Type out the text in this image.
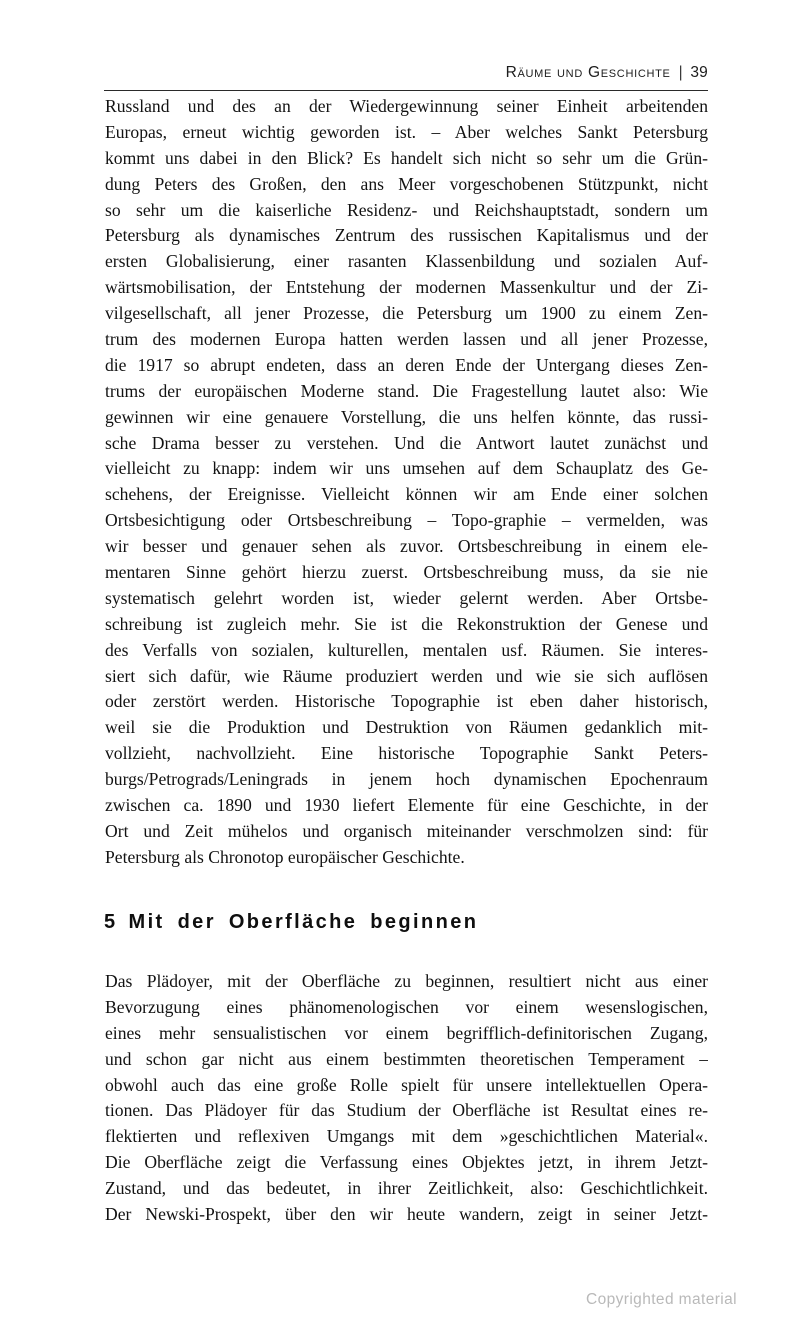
Räume und Geschichte | 39
Russland und des an der Wiedergewinnung seiner Einheit arbeitenden
Europas, erneut wichtig geworden ist. – Aber welches Sankt Petersburg
kommt uns dabei in den Blick? Es handelt sich nicht so sehr um die Grün-
dung Peters des Großen, den ans Meer vorgeschobenen Stützpunkt, nicht
so sehr um die kaiserliche Residenz- und Reichshauptstadt, sondern um
Petersburg als dynamisches Zentrum des russischen Kapitalismus und der
ersten Globalisierung, einer rasanten Klassenbildung und sozialen Auf-
wärtsmobilisation, der Entstehung der modernen Massenkultur und der Zi-
vilgesellschaft, all jener Prozesse, die Petersburg um 1900 zu einem Zen-
trum des modernen Europa hatten werden lassen und all jener Prozesse,
die 1917 so abrupt endeten, dass an deren Ende der Untergang dieses Zen-
trums der europäischen Moderne stand. Die Fragestellung lautet also: Wie
gewinnen wir eine genauere Vorstellung, die uns helfen könnte, das russi-
sche Drama besser zu verstehen. Und die Antwort lautet zunächst und
vielleicht zu knapp: indem wir uns umsehen auf dem Schauplatz des Ge-
schehens, der Ereignisse. Vielleicht können wir am Ende einer solchen
Ortsbesichtigung oder Ortsbeschreibung – Topo-graphie – vermelden, was
wir besser und genauer sehen als zuvor. Ortsbeschreibung in einem ele-
mentaren Sinne gehört hierzu zuerst. Ortsbeschreibung muss, da sie nie
systematisch gelehrt worden ist, wieder gelernt werden. Aber Ortsbe-
schreibung ist zugleich mehr. Sie ist die Rekonstruktion der Genese und
des Verfalls von sozialen, kulturellen, mentalen usf. Räumen. Sie interes-
siert sich dafür, wie Räume produziert werden und wie sie sich auflösen
oder zerstört werden. Historische Topographie ist eben daher historisch,
weil sie die Produktion und Destruktion von Räumen gedanklich mit-
vollzieht, nachvollzieht. Eine historische Topographie Sankt Peters-
burgs/Petrograds/Leningrads in jenem hoch dynamischen Epochenraum
zwischen ca. 1890 und 1930 liefert Elemente für eine Geschichte, in der
Ort und Zeit mühelos und organisch miteinander verschmolzen sind: für
Petersburg als Chronotop europäischer Geschichte.
5 Mit der Oberfläche beginnen
Das Plädoyer, mit der Oberfläche zu beginnen, resultiert nicht aus einer
Bevorzugung eines phänomenologischen vor einem wesenslogischen,
eines mehr sensualistischen vor einem begrifflich-definitorischen Zugang,
und schon gar nicht aus einem bestimmten theoretischen Temperament –
obwohl auch das eine große Rolle spielt für unsere intellektuellen Opera-
tionen. Das Plädoyer für das Studium der Oberfläche ist Resultat eines re-
flektierten und reflexiven Umgangs mit dem »geschichtlichen Material«.
Die Oberfläche zeigt die Verfassung eines Objektes jetzt, in ihrem Jetzt-
Zustand, und das bedeutet, in ihrer Zeitlichkeit, also: Geschichtlichkeit.
Der Newski-Prospekt, über den wir heute wandern, zeigt in seiner Jetzt-
Copyrighted material
